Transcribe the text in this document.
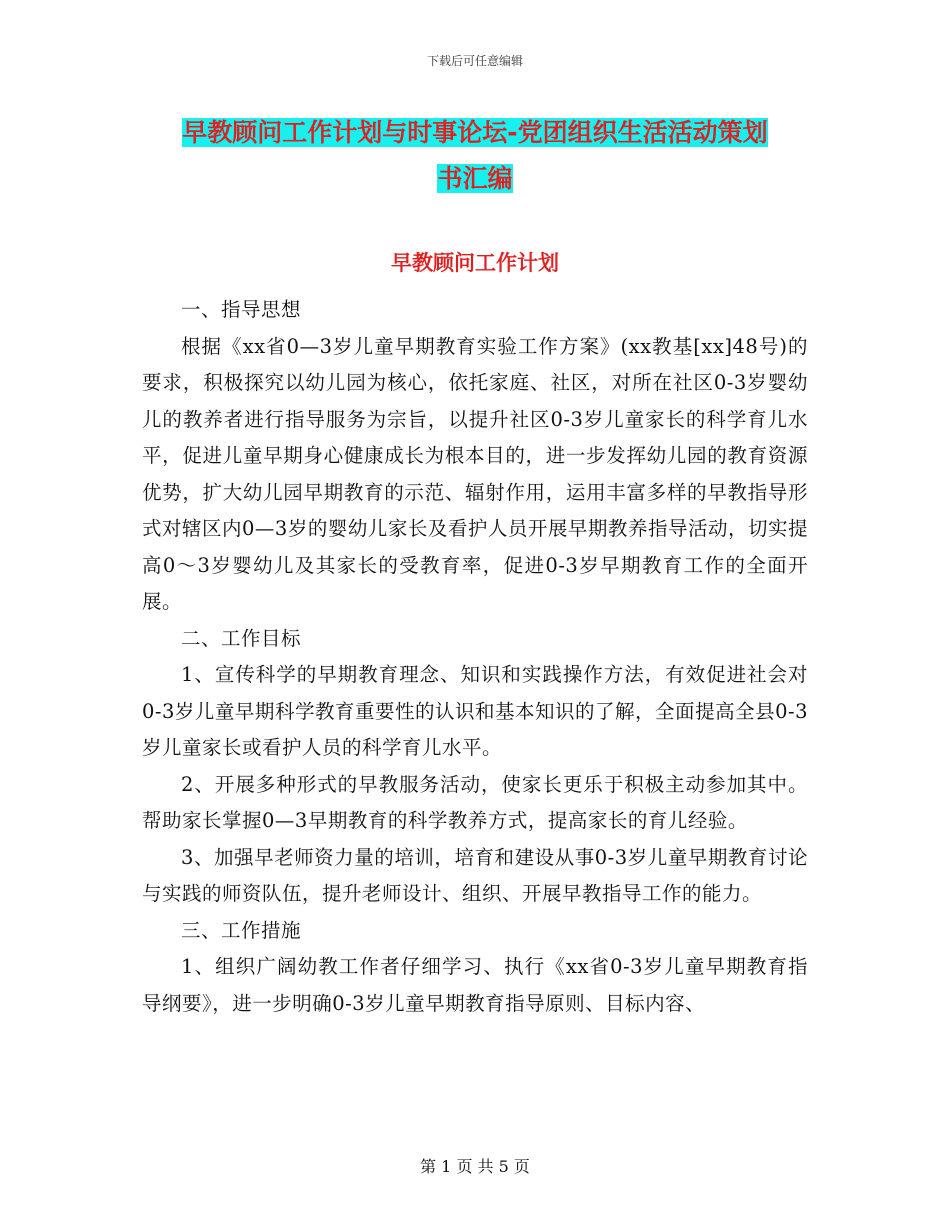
下载后可任意编辑
早教顾问工作计划与时事论坛-党团组织生活活动策划
书汇编
早教顾问工作计划

一、指导思想

根据《xx省0—3岁儿童早期教育实验工作方案》(xx教基[xx]48号)的要求，积极探究以幼儿园为核心，依托家庭、社区，对所在社区0-3岁婴幼儿的教养者进行指导服务为宗旨，以提升社区0-3岁儿童家长的科学育儿水平，促进儿童早期身心健康成长为根本目的，进一步发挥幼儿园的教育资源优势，扩大幼儿园早期教育的示范、辐射作用，运用丰富多样的早教指导形式对辖区内0—3岁的婴幼儿家长及看护人员开展早期教养指导活动，切实提高0～3岁婴幼儿及其家长的受教育率，促进0-3岁早期教育工作的全面开展。

二、工作目标

1、宣传科学的早期教育理念、知识和实践操作方法，有效促进社会对0-3岁儿童早期科学教育重要性的认识和基本知识的了解，全面提高全县0-3岁儿童家长或看护人员的科学育儿水平。

2、开展多种形式的早教服务活动，使家长更乐于积极主动参加其中。帮助家长掌握0—3早期教育的科学教养方式，提高家长的育儿经验。

3、加强早老师资力量的培训，培育和建设从事0-3岁儿童早期教育讨论与实践的师资队伍，提升老师设计、组织、开展早教指导工作的能力。

三、工作措施

1、组织广阔幼教工作者仔细学习、执行《xx省0-3岁儿童早期教育指导纲要》，进一步明确0-3岁儿童早期教育指导原则、目标内容、

第 1 页 共 5 页
